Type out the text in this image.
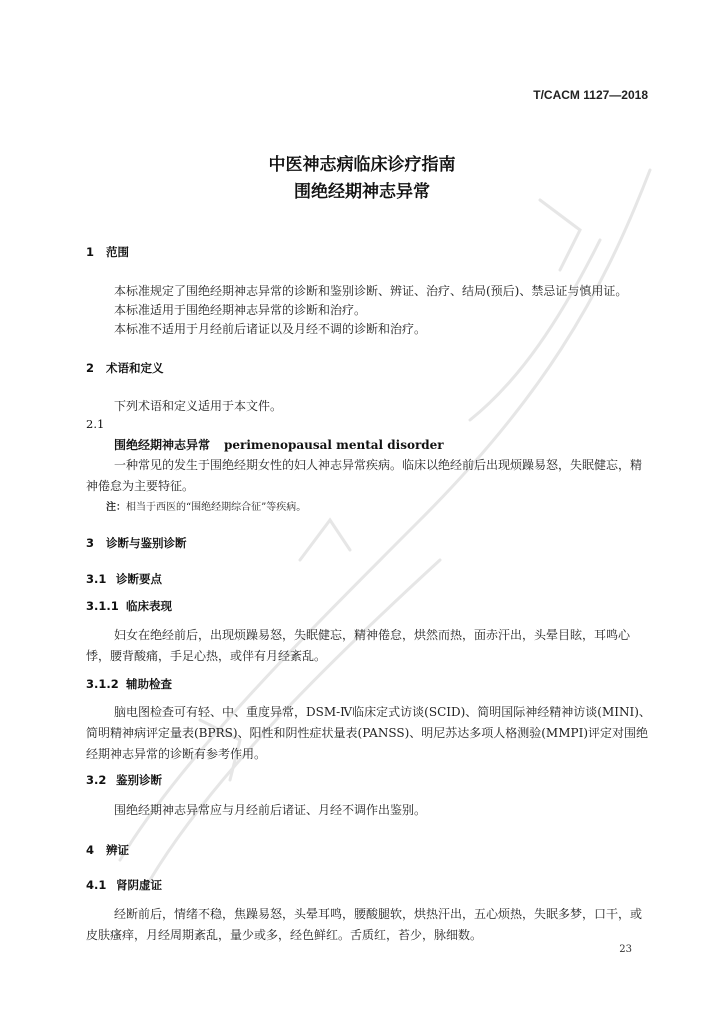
T/CACM 1127—2018
中医神志病临床诊疗指南
围绝经期神志异常
1 范围
本标准规定了围绝经期神志异常的诊断和鉴别诊断、辨证、治疗、结局(预后)、禁忌证与慎用证。
本标准适用于围绝经期神志异常的诊断和治疗。
本标准不适用于月经前后诸证以及月经不调的诊断和治疗。
2 术语和定义
下列术语和定义适用于本文件。
2.1
围绝经期神志异常 perimenopausal mental disorder
一种常见的发生于围绝经期女性的妇人神志异常疾病。临床以绝经前后出现烦躁易怒，失眠健忘，精神倦怠为主要特征。
注：相当于西医的“围绝经期综合征”等疾病。
3 诊断与鉴别诊断
3.1 诊断要点
3.1.1 临床表现
妇女在绝经前后，出现烦躁易怒，失眠健忘，精神倦怠，烘然而热，面赤汗出，头晕目眩，耳鸣心悸，腰背酸痛，手足心热，或伴有月经紊乱。
3.1.2 辅助检查
脑电图检查可有轻、中、重度异常，DSM-Ⅳ临床定式访谈(SCID)、简明国际神经精神访谈(MINI)、简明精神病评定量表(BPRS)、阳性和阴性症状量表(PANSS)、明尼苏达多项人格测验(MMPI)评定对围绝经期神志异常的诊断有参考作用。
3.2 鉴别诊断
围绝经期神志异常应与月经前后诸证、月经不调作出鉴别。
4 辨证
4.1 肾阴虚证
经断前后，情绪不稳，焦躁易怒，头晕耳鸣，腰酸腿软，烘热汗出，五心烦热，失眠多梦，口干，或皮肤瘙痒，月经周期紊乱，量少或多，经色鲜红。舌质红，苔少，脉细数。
23
